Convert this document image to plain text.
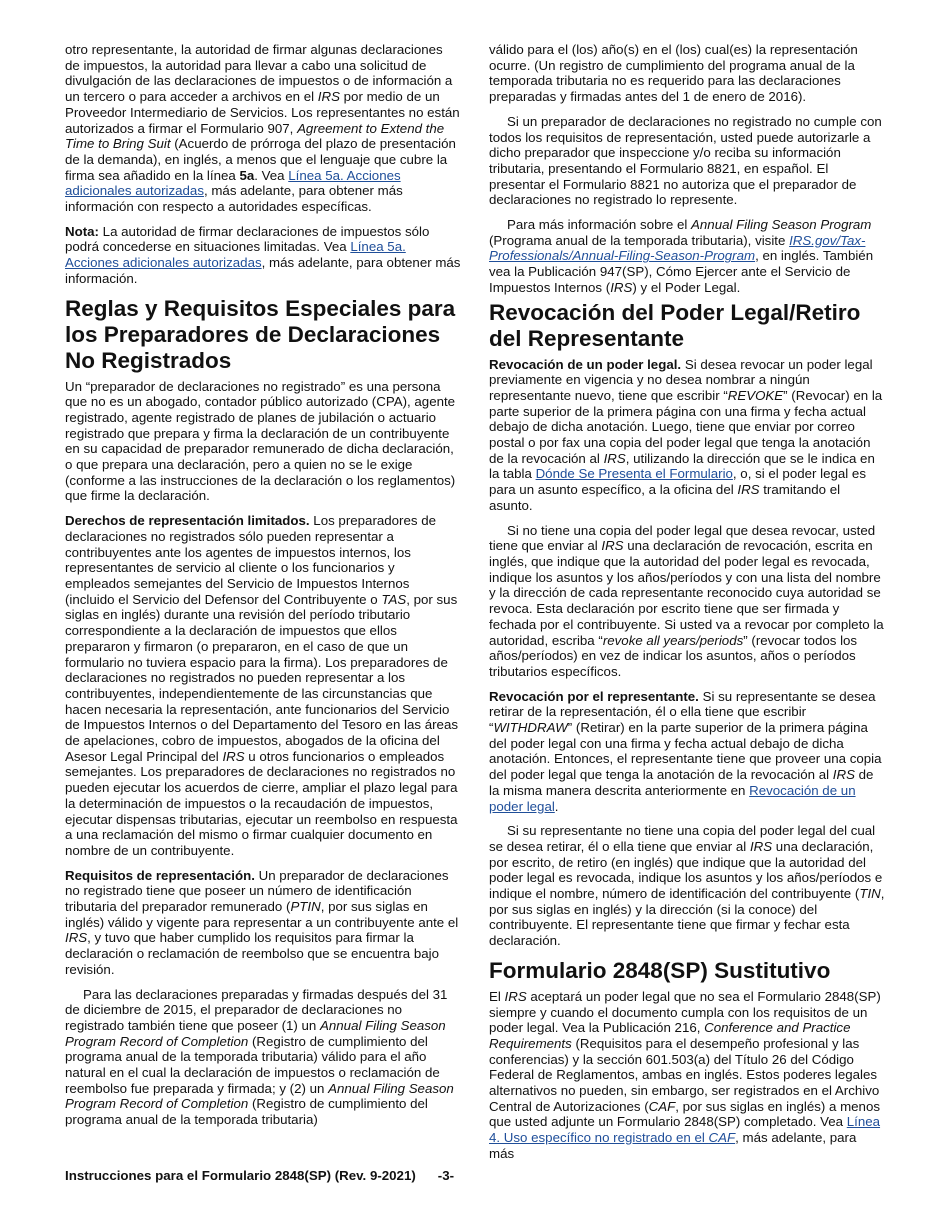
otro representante, la autoridad de firmar algunas declaraciones de impuestos, la autoridad para llevar a cabo una solicitud de divulgación de las declaraciones de impuestos o de información a un tercero o para acceder a archivos en el IRS por medio de un Proveedor Intermediario de Servicios. Los representantes no están autorizados a firmar el Formulario 907, Agreement to Extend the Time to Bring Suit (Acuerdo de prórroga del plazo de presentación de la demanda), en inglés, a menos que el lenguaje que cubre la firma sea añadido en la línea 5a. Vea Línea 5a. Acciones adicionales autorizadas, más adelante, para obtener más información con respecto a autoridades específicas.

Nota: La autoridad de firmar declaraciones de impuestos sólo podrá concederse en situaciones limitadas. Vea Línea 5a. Acciones adicionales autorizadas, más adelante, para obtener más información.

Reglas y Requisitos Especiales para los Preparadores de Declaraciones No Registrados

Un “preparador de declaraciones no registrado” es una persona que no es un abogado, contador público autorizado (CPA), agente registrado, agente registrado de planes de jubilación o actuario registrado que prepara y firma la declaración de un contribuyente en su capacidad de preparador remunerado de dicha declaración, o que prepara una declaración, pero a quien no se le exige (conforme a las instrucciones de la declaración o los reglamentos) que firme la declaración.

Derechos de representación limitados. Los preparadores de declaraciones no registrados sólo pueden representar a contribuyentes ante los agentes de impuestos internos, los representantes de servicio al cliente o los funcionarios y empleados semejantes del Servicio de Impuestos Internos (incluido el Servicio del Defensor del Contribuyente o TAS, por sus siglas en inglés) durante una revisión del período tributario correspondiente a la declaración de impuestos que ellos prepararon y firmaron (o prepararon, en el caso de que un formulario no tuviera espacio para la firma). Los preparadores de declaraciones no registrados no pueden representar a los contribuyentes, independientemente de las circunstancias que hacen necesaria la representación, ante funcionarios del Servicio de Impuestos Internos o del Departamento del Tesoro en las áreas de apelaciones, cobro de impuestos, abogados de la oficina del Asesor Legal Principal del IRS u otros funcionarios o empleados semejantes. Los preparadores de declaraciones no registrados no pueden ejecutar los acuerdos de cierre, ampliar el plazo legal para la determinación de impuestos o la recaudación de impuestos, ejecutar dispensas tributarias, ejecutar un reembolso en respuesta a una reclamación del mismo o firmar cualquier documento en nombre de un contribuyente.

Requisitos de representación. Un preparador de declaraciones no registrado tiene que poseer un número de identificación tributaria del preparador remunerado (PTIN, por sus siglas en inglés) válido y vigente para representar a un contribuyente ante el IRS, y tuvo que haber cumplido los requisitos para firmar la declaración o reclamación de reembolso que se encuentra bajo revisión.

Para las declaraciones preparadas y firmadas después del 31 de diciembre de 2015, el preparador de declaraciones no registrado también tiene que poseer (1) un Annual Filing Season Program Record of Completion (Registro de cumplimiento del programa anual de la temporada tributaria) válido para el año natural en el cual la declaración de impuestos o reclamación de reembolso fue preparada y firmada; y (2) un Annual Filing Season Program Record of Completion (Registro de cumplimiento del programa anual de la temporada tributaria)

válido para el (los) año(s) en el (los) cual(es) la representación ocurre. (Un registro de cumplimiento del programa anual de la temporada tributaria no es requerido para las declaraciones preparadas y firmadas antes del 1 de enero de 2016).

Si un preparador de declaraciones no registrado no cumple con todos los requisitos de representación, usted puede autorizarle a dicho preparador que inspeccione y/o reciba su información tributaria, presentando el Formulario 8821, en español. El presentar el Formulario 8821 no autoriza que el preparador de declaraciones no registrado lo represente.

Para más información sobre el Annual Filing Season Program (Programa anual de la temporada tributaria), visite IRS.gov/Tax-Professionals/Annual-Filing-Season-Program, en inglés. También vea la Publicación 947(SP), Cómo Ejercer ante el Servicio de Impuestos Internos (IRS) y el Poder Legal.

Revocación del Poder Legal/Retiro del Representante

Revocación de un poder legal. Si desea revocar un poder legal previamente en vigencia y no desea nombrar a ningún representante nuevo, tiene que escribir “REVOKE” (Revocar) en la parte superior de la primera página con una firma y fecha actual debajo de dicha anotación. Luego, tiene que enviar por correo postal o por fax una copia del poder legal que tenga la anotación de la revocación al IRS, utilizando la dirección que se le indica en la tabla Dónde Se Presenta el Formulario, o, si el poder legal es para un asunto específico, a la oficina del IRS tramitando el asunto.

Si no tiene una copia del poder legal que desea revocar, usted tiene que enviar al IRS una declaración de revocación, escrita en inglés, que indique que la autoridad del poder legal es revocada, indique los asuntos y los años/períodos y con una lista del nombre y la dirección de cada representante reconocido cuya autoridad se revoca. Esta declaración por escrito tiene que ser firmada y fechada por el contribuyente. Si usted va a revocar por completo la autoridad, escriba “revoke all years/periods” (revocar todos los años/períodos) en vez de indicar los asuntos, años o períodos tributarios específicos.

Revocación por el representante. Si su representante se desea retirar de la representación, él o ella tiene que escribir “WITHDRAW” (Retirar) en la parte superior de la primera página del poder legal con una firma y fecha actual debajo de dicha anotación. Entonces, el representante tiene que proveer una copia del poder legal que tenga la anotación de la revocación al IRS de la misma manera descrita anteriormente en Revocación de un poder legal.

Si su representante no tiene una copia del poder legal del cual se desea retirar, él o ella tiene que enviar al IRS una declaración, por escrito, de retiro (en inglés) que indique que la autoridad del poder legal es revocada, indique los asuntos y los años/períodos e indique el nombre, número de identificación del contribuyente (TIN, por sus siglas en inglés) y la dirección (si la conoce) del contribuyente. El representante tiene que firmar y fechar esta declaración.

Formulario 2848(SP) Sustitutivo

El IRS aceptará un poder legal que no sea el Formulario 2848(SP) siempre y cuando el documento cumpla con los requisitos de un poder legal. Vea la Publicación 216, Conference and Practice Requirements (Requisitos para el desempeño profesional y las conferencias) y la sección 601.503(a) del Título 26 del Código Federal de Reglamentos, ambas en inglés. Estos poderes legales alternativos no pueden, sin embargo, ser registrados en el Archivo Central de Autorizaciones (CAF, por sus siglas en inglés) a menos que usted adjunte un Formulario 2848(SP) completado. Vea Línea 4. Uso específico no registrado en el CAF, más adelante, para más

Instrucciones para el Formulario 2848(SP) (Rev. 9-2021) -3-
